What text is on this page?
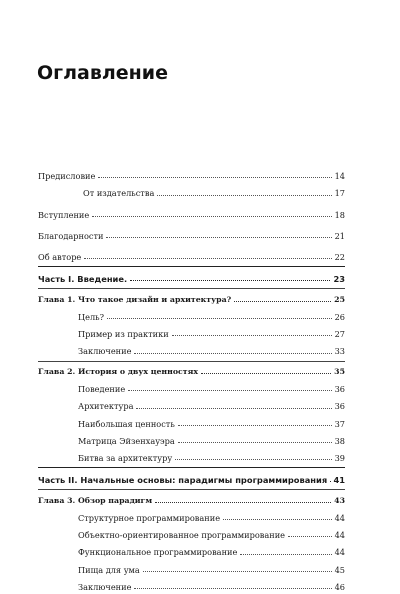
Оглавление
Предисловие	14
От издательства	17
Вступление	18
Благодарности	21
Об авторе	22
Часть I. Введение.	23
Глава 1. Что такое дизайн и архитектура?	25
Цель?	26
Пример из практики	27
Заключение	33
Глава 2. История о двух ценностях	35
Поведение	36
Архитектура	36
Наибольшая ценность	37
Матрица Эйзенхауэра	38
Битва за архитектуру	39
Часть II. Начальные основы: парадигмы программирования 41
Глава 3. Обзор парадигм	43
Структурное программирование	44
Объектно-ориентированное программирование	44
Функциональное программирование	44
Пища для ума	45
Заключение	46
